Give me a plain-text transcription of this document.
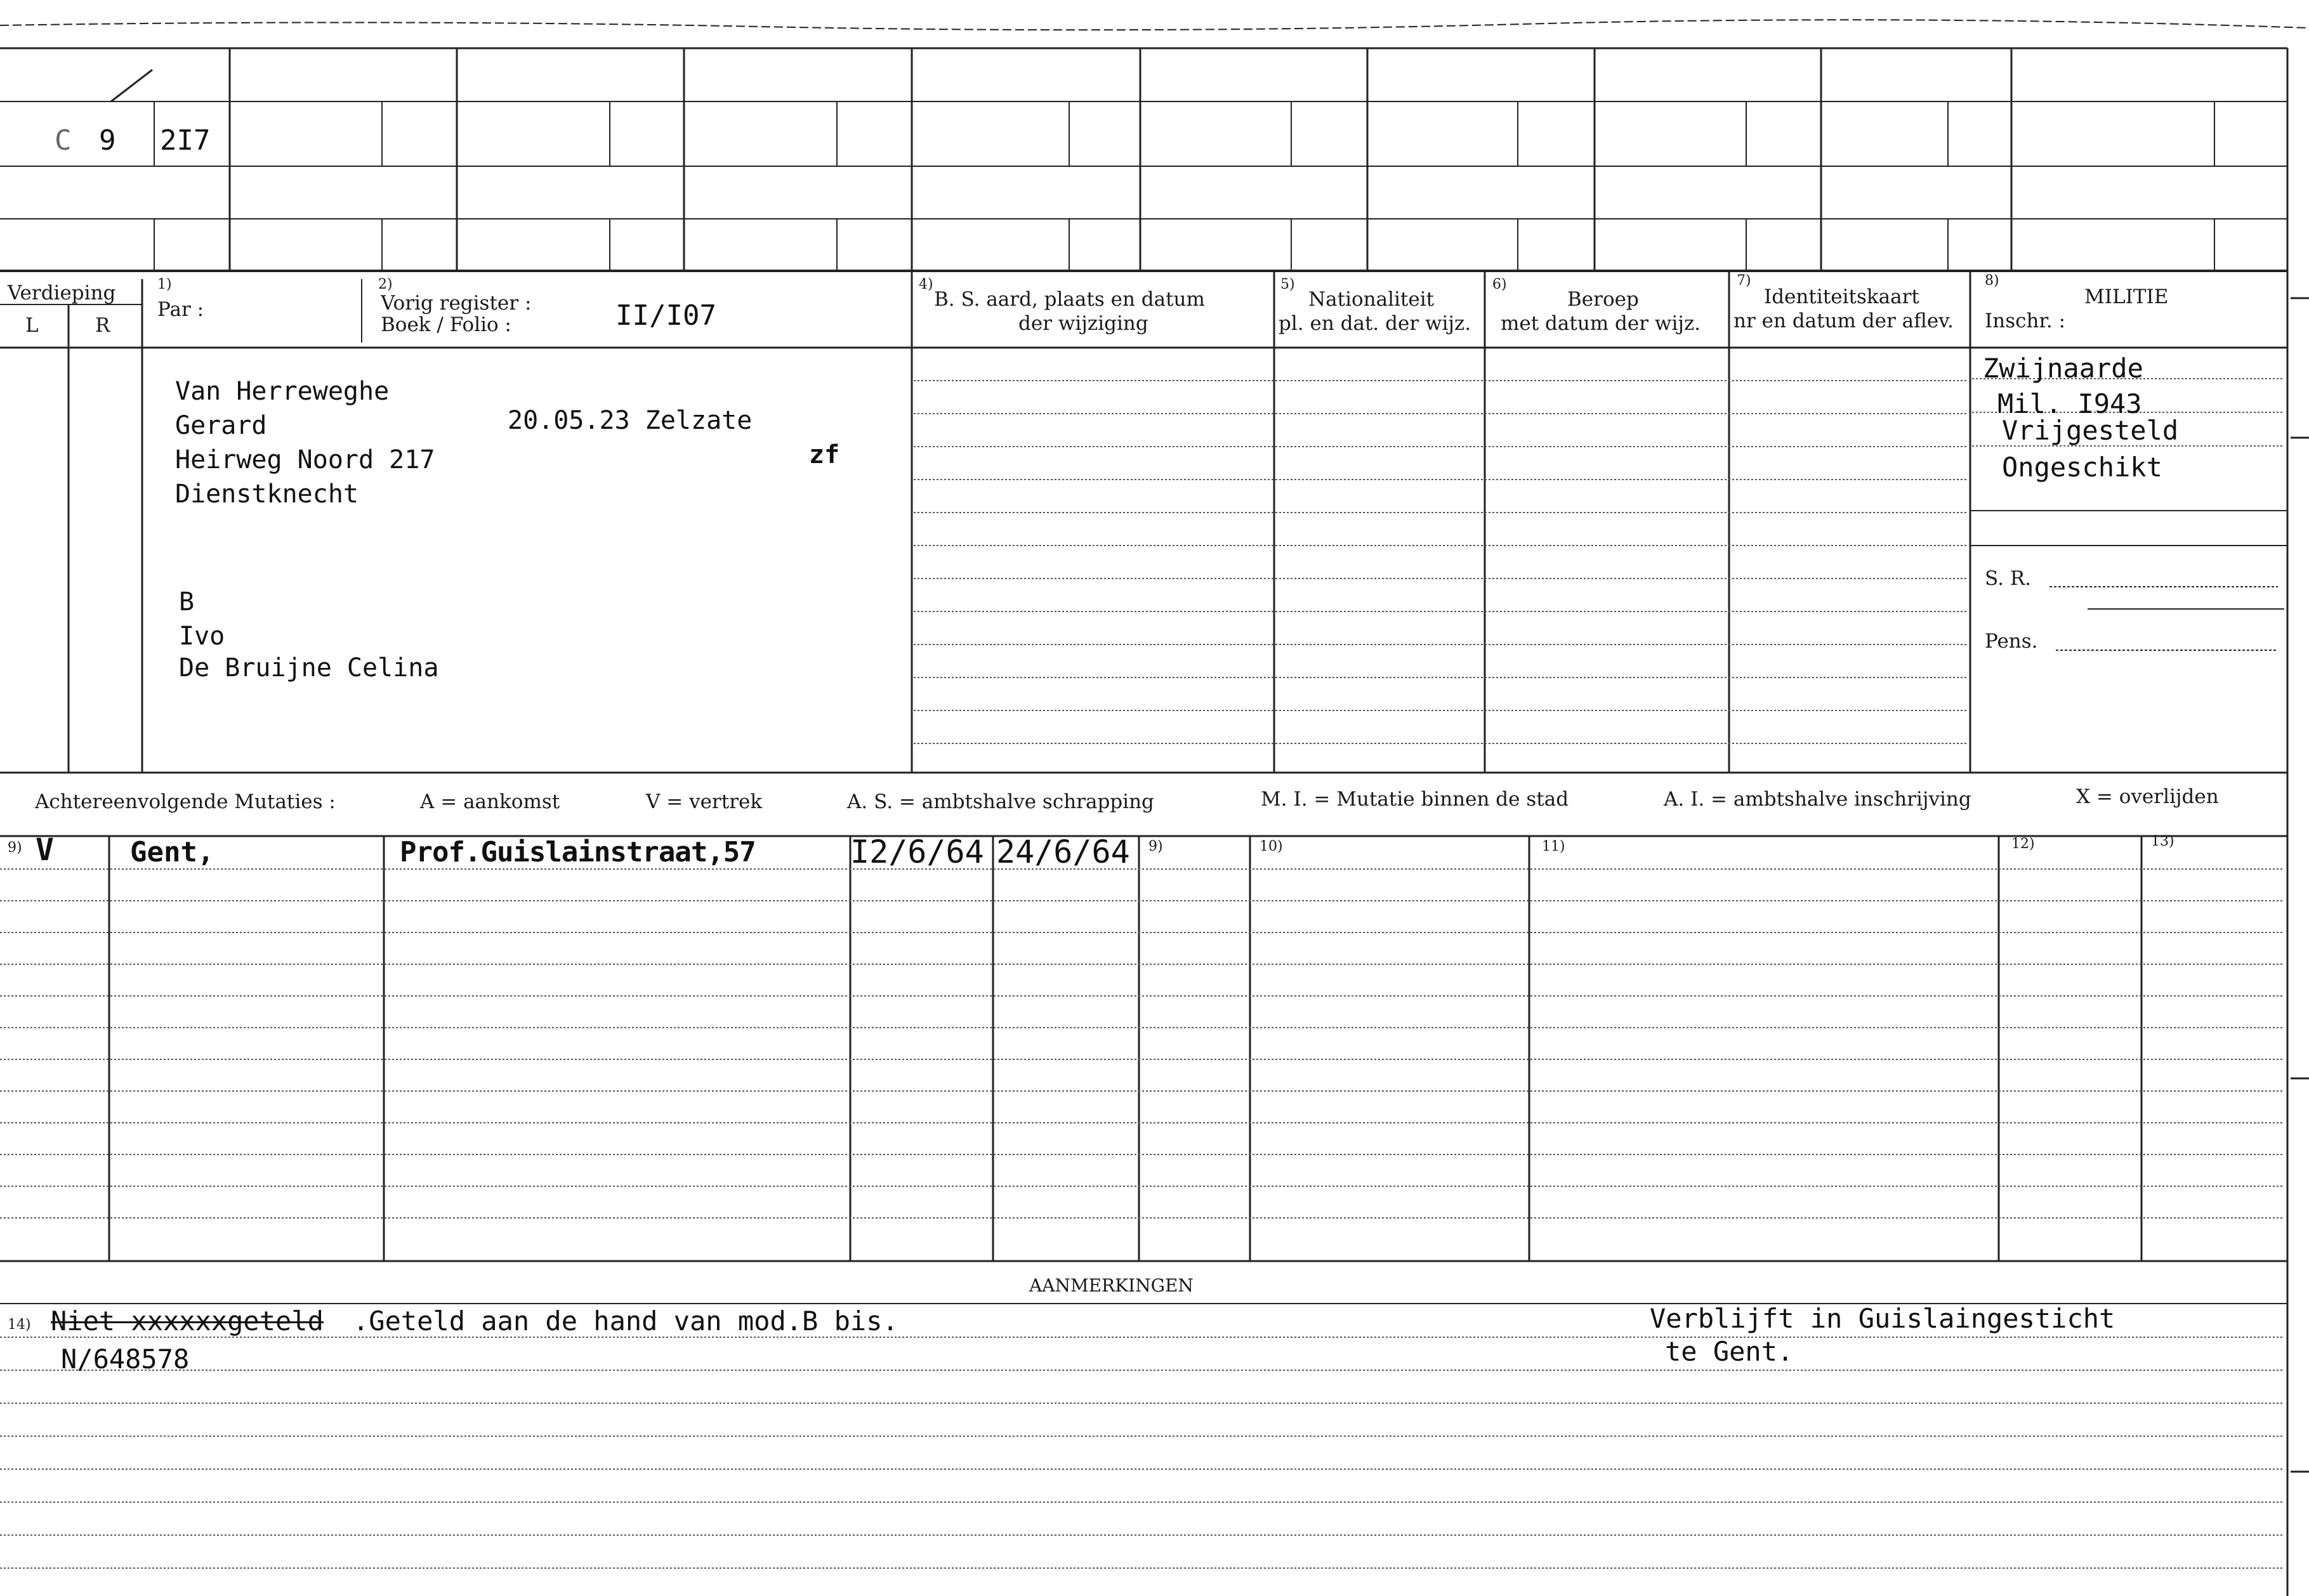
C 9 2I7
Verdieping
L	R
1)
Par :
2)
Vorig register :
Boek / Folio :	II/I07
4)
B. S. aard, plaats en datum
der wijziging
5)
Nationaliteit
pl. en dat. der wijz.
6)
Beroep
met datum der wijz.
7)
Identiteitskaart
nr en datum der aflev.
8)
MILITIE
Inschr. :
Van Herreweghe
Gerard
Heirweg Noord 217
Dienstknecht
20.05.23 Zelzate
zf
B
Ivo
De Bruijne Celina
Zwijnaarde
Mil. I943
Vrijgesteld
Ongeschikt
S. R.
Pens.
Achtereenvolgende Mutaties :	A = aankomst	V = vertrek	A. S. = ambtshalve schrapping	M. I. = Mutatie binnen de stad	A. I. = ambtshalve inschrijving	X = overlijden
9)	9)	10)	11)	12)	13)
V	Gent,	Prof.Guislainstraat,57	I2/6/64 24/6/64
AANMERKINGEN
14) Niet xxxxxxgeteld .Geteld aan de hand van mod.B bis.
N/648578
Verblijft in Guislaingesticht
te Gent.
